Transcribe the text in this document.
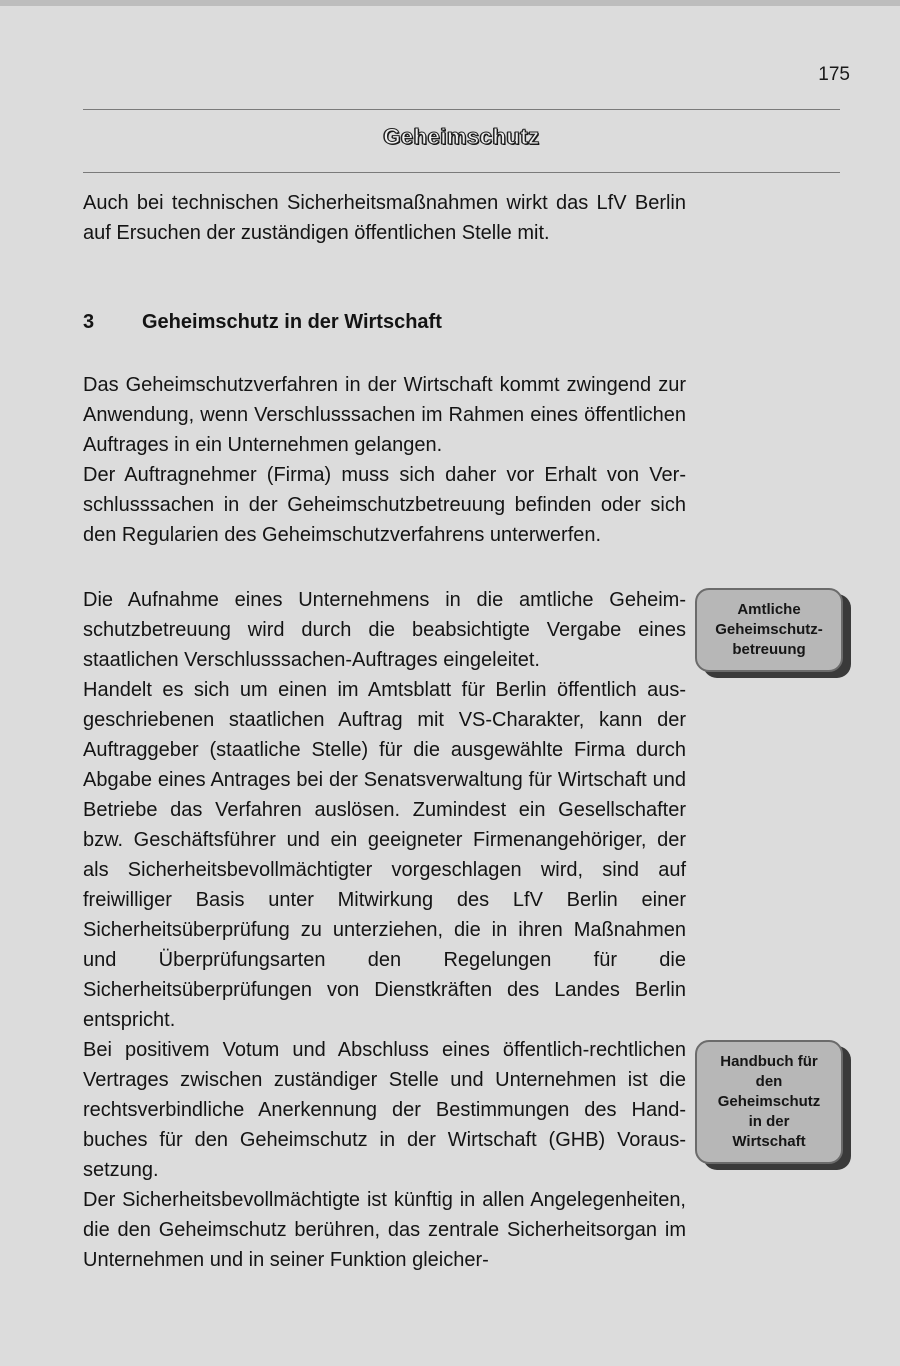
175
Geheimschutz

Auch bei technischen Sicherheitsmaßnahmen wirkt das LfV Berlin auf Ersuchen der zuständigen öffentlichen Stelle mit.

3	Geheimschutz in der Wirtschaft

Das Geheimschutzverfahren in der Wirtschaft kommt zwingend zur Anwendung, wenn Verschlusssachen im Rahmen eines öffentlichen Auftrages in ein Unternehmen gelangen.

Der Auftragnehmer (Firma) muss sich daher vor Erhalt von Verschlusssachen in der Geheimschutzbetreuung befinden oder sich den Regularien des Geheimschutzverfahrens unterwerfen.

Die Aufnahme eines Unternehmens in die amtliche Geheimschutzbetreuung wird durch die beabsichtigte Vergabe eines staatlichen Verschlusssachen-Auftrages eingeleitet.

Handelt es sich um einen im Amtsblatt für Berlin öffentlich ausgeschriebenen staatlichen Auftrag mit VS-Charakter, kann der Auftraggeber (staatliche Stelle) für die ausgewählte Firma durch Abgabe eines Antrages bei der Senatsverwaltung für Wirtschaft und Betriebe das Verfahren auslösen. Zumindest ein Gesellschafter bzw. Geschäftsführer und ein geeigneter Firmenangehöriger, der als Sicherheitsbevollmächtigter vorgeschlagen wird, sind auf freiwilliger Basis unter Mitwirkung des LfV Berlin einer Sicherheitsüberprüfung zu unterziehen, die in ihren Maßnahmen und Überprüfungsarten den Regelungen für die Sicherheitsüberprüfungen von Dienstkräften des Landes Berlin entspricht.

Bei positivem Votum und Abschluss eines öffentlich-rechtlichen Vertrages zwischen zuständiger Stelle und Unternehmen ist die rechtsverbindliche Anerkennung der Bestimmungen des Handbuches für den Geheimschutz in der Wirtschaft (GHB) Voraussetzung.

Der Sicherheitsbevollmächtigte ist künftig in allen Angelegenheiten, die den Geheimschutz berühren, das zentrale Sicherheitsorgan im Unternehmen und in seiner Funktion gleicher-

Amtliche
Geheimschutz-
betreuung
Handbuch für
den
Geheimschutz
in der
Wirtschaft
